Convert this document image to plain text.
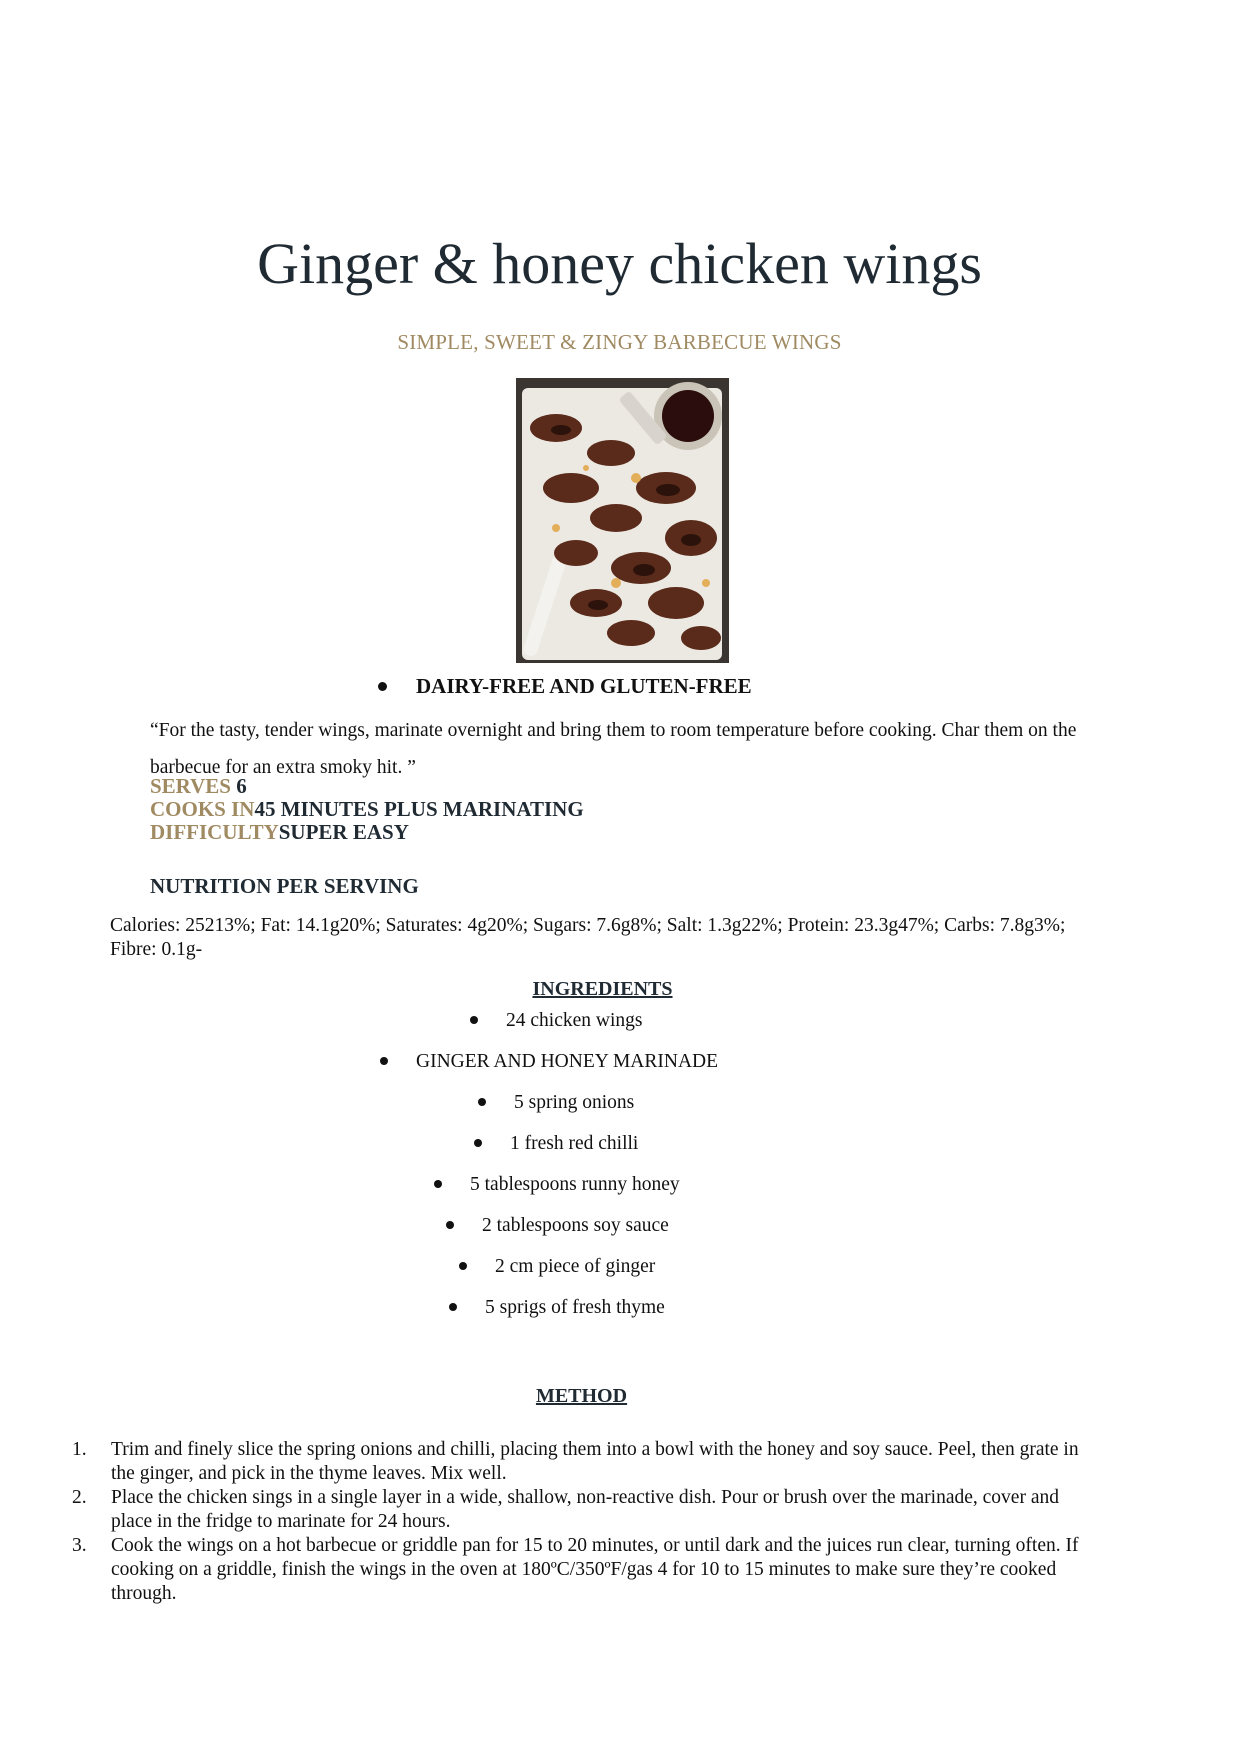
Ginger & honey chicken wings
SIMPLE, SWEET & ZINGY BARBECUE WINGS
DAIRY-FREE AND GLUTEN-FREE
“For the tasty, tender wings, marinate overnight and bring them to room temperature before cooking. Char them on the barbecue for an extra smoky hit. ”
SERVES 6
COOKS IN45 MINUTES PLUS MARINATING
DIFFICULTYSUPER EASY
NUTRITION PER SERVING
Calories: 25213%; Fat: 14.1g20%; Saturates: 4g20%; Sugars: 7.6g8%; Salt: 1.3g22%; Protein: 23.3g47%; Carbs: 7.8g3%; Fibre: 0.1g-
INGREDIENTS
24 chicken wings
GINGER AND HONEY MARINADE
5 spring onions
1 fresh red chilli
5 tablespoons runny honey
2 tablespoons soy sauce
2 cm piece of ginger
5 sprigs of fresh thyme
METHOD
1. Trim and finely slice the spring onions and chilli, placing them into a bowl with the honey and soy sauce. Peel, then grate in the ginger, and pick in the thyme leaves. Mix well.
2. Place the chicken sings in a single layer in a wide, shallow, non-reactive dish. Pour or brush over the marinade, cover and place in the fridge to marinate for 24 hours.
3. Cook the wings on a hot barbecue or griddle pan for 15 to 20 minutes, or until dark and the juices run clear, turning often. If cooking on a griddle, finish the wings in the oven at 180ºC/350ºF/gas 4 for 10 to 15 minutes to make sure they’re cooked through.
